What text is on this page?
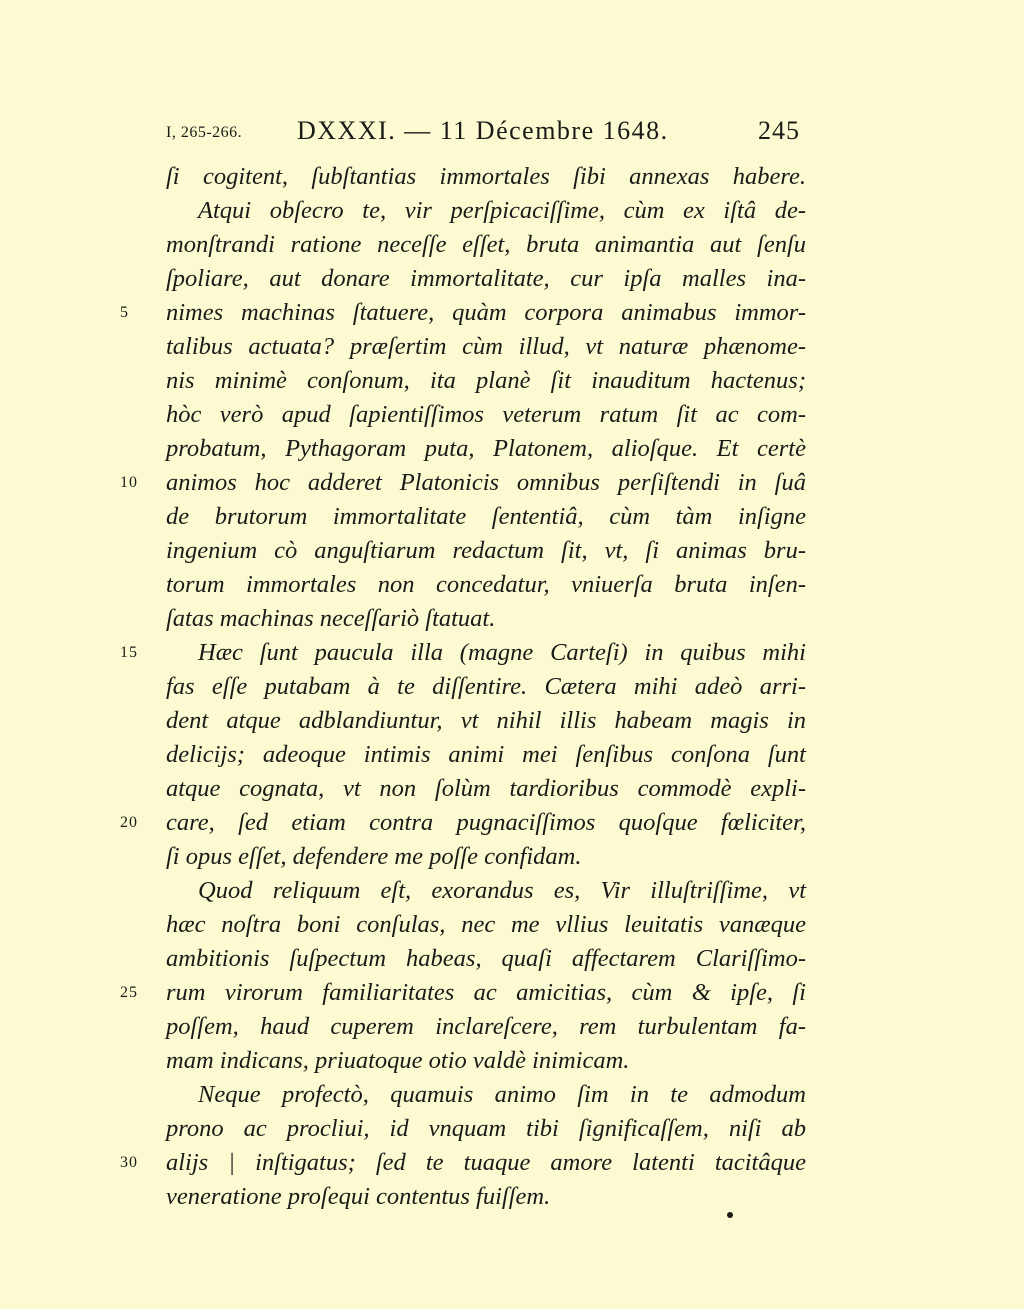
I, 265-266. DXXXI. — 11 Décembre 1648.	245
ſi cogitent, ſubſtantias immortales ſibi annexas habere.
Atqui obſecro te, vir perſpicaciſſime, cùm ex iſtâ de-
monſtrandi ratione neceſſe eſſet, bruta animantia aut ſenſu
ſpoliare, aut donare immortalitate, cur ipſa malles ina-
nimes machinas ſtatuere, quàm corpora animabus immor-
talibus actuata? præſertim cùm illud, vt naturæ phænome-
nis minimè conſonum, ita planè ſit inauditum hactenus;
hòc verò apud ſapientiſſimos veterum ratum ſit ac com-
probatum, Pythagoram puta, Platonem, alioſque. Et certè
animos hoc adderet Platonicis omnibus perſiſtendi in ſuâ
de brutorum immortalitate ſententiâ, cùm tàm inſigne
ingenium cò anguſtiarum redactum ſit, vt, ſi animas bru-
torum immortales non concedatur, vniuerſa bruta inſen-
ſatas machinas neceſſariò ſtatuat.
Hæc ſunt paucula illa (magne Carteſi) in quibus mihi
fas eſſe putabam à te diſſentire. Cætera mihi adeò arri-
dent atque adblandiuntur, vt nihil illis habeam magis in
delicijs; adeoque intimis animi mei ſenſibus conſona ſunt
atque cognata, vt non ſolùm tardioribus commodè expli-
care, ſed etiam contra pugnaciſſimos quoſque fœliciter,
ſi opus eſſet, defendere me poſſe confidam.
Quod reliquum eſt, exorandus es, Vir illuſtriſſime, vt
hæc noſtra boni conſulas, nec me vllius leuitatis vanæque
ambitionis ſuſpectum habeas, quaſi affectarem Clariſſimo-
rum virorum familiaritates ac amicitias, cùm & ipſe, ſi
poſſem, haud cuperem inclareſcere, rem turbulentam fa-
mam indicans, priuatoque otio valdè inimicam.
Neque profectò, quamuis animo ſim in te admodum
prono ac procliui, id vnquam tibi ſignificaſſem, niſi ab
alijs | inſtigatus; ſed te tuaque amore latenti tacitâque
veneratione proſequi contentus fuiſſem.
5
10
15
20
25
30
